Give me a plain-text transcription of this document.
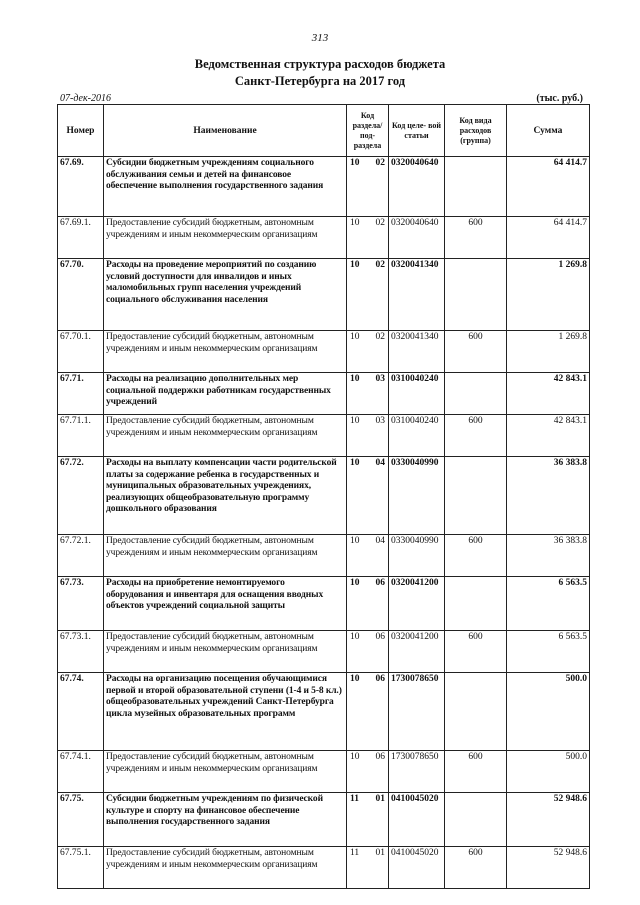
313
Ведомственная структура расходов бюджета
Санкт-Петербурга на 2017 год
07-дек-2016	(тыс. руб.)
Номер	Наименование	Код раздела/ под- раздела	Код целе- вой статьи	Код вида расходов (группа)	Сумма
67.69.	Субсидии бюджетным учреждениям социального обслуживания семьи и детей на финансовое обеспечение выполнения государственного задания	10 02	0320040640		64 414.7
67.69.1.	Предоставление субсидий бюджетным, автономным учреждениям и иным некоммерческим организациям	10 02	0320040640	600	64 414.7
67.70.	Расходы на проведение мероприятий по созданию условий доступности для инвалидов и иных маломобильных групп населения учреждений социального обслуживания населения	10 02	0320041340		1 269.8
67.70.1.	Предоставление субсидий бюджетным, автономным учреждениям и иным некоммерческим организациям	10 02	0320041340	600	1 269.8
67.71.	Расходы на реализацию дополнительных мер социальной поддержки работникам государственных учреждений	10 03	0310040240		42 843.1
67.71.1.	Предоставление субсидий бюджетным, автономным учреждениям и иным некоммерческим организациям	10 03	0310040240	600	42 843.1
67.72.	Расходы на выплату компенсации части родительской платы за содержание ребенка в государственных и муниципальных образовательных учреждениях, реализующих общеобразовательную программу дошкольного образования	10 04	0330040990		36 383.8
67.72.1.	Предоставление субсидий бюджетным, автономным учреждениям и иным некоммерческим организациям	10 04	0330040990	600	36 383.8
67.73.	Расходы на приобретение немонтируемого оборудования и инвентаря для оснащения вводных объектов учреждений социальной защиты	10 06	0320041200		6 563.5
67.73.1.	Предоставление субсидий бюджетным, автономным учреждениям и иным некоммерческим организациям	10 06	0320041200	600	6 563.5
67.74.	Расходы на организацию посещения обучающимися первой и второй образовательной ступени (1-4 и 5-8 кл.) общеобразовательных учреждений Санкт-Петербурга цикла музейных образовательных программ	10 06	1730078650		500.0
67.74.1.	Предоставление субсидий бюджетным, автономным учреждениям и иным некоммерческим организациям	10 06	1730078650	600	500.0
67.75.	Субсидии бюджетным учреждениям по физической культуре и спорту на финансовое обеспечение выполнения государственного задания	11 01	0410045020		52 948.6
67.75.1.	Предоставление субсидий бюджетным, автономным учреждениям и иным некоммерческим организациям	11 01	0410045020	600	52 948.6
